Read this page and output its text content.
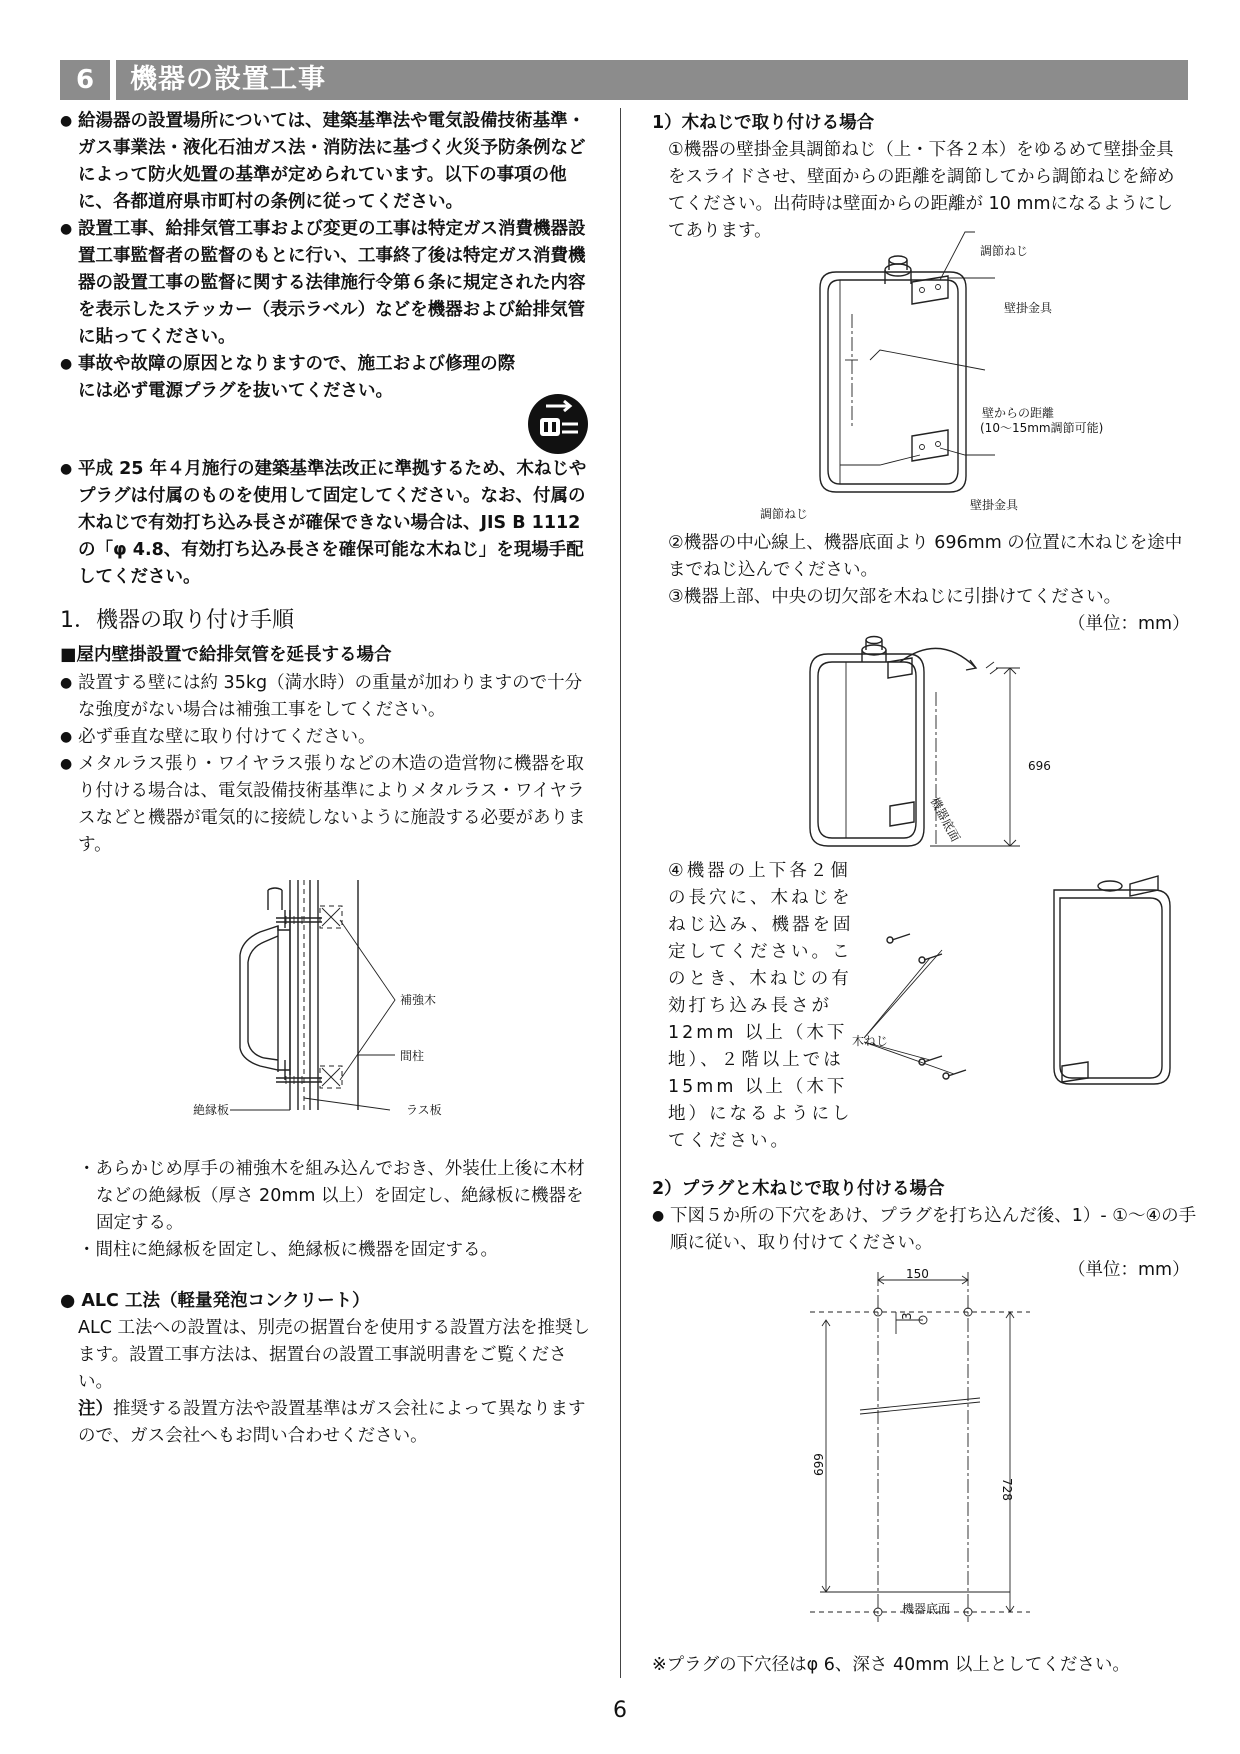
6	機器の設置工事

● 給湯器の設置場所については、建築基準法や電気設備技術基準・ガス事業法・液化石油ガス法・消防法に基づく火災予防条例などによって防火処置の基準が定められています。以下の事項の他に、各都道府県市町村の条例に従ってください。

● 設置工事、給排気管工事および変更の工事は特定ガス消費機器設置工事監督者の監督のもとに行い、工事終了後は特定ガス消費機器の設置工事の監督に関する法律施行令第６条に規定された内容を表示したステッカー（表示ラベル）などを機器および給排気管に貼ってください。

● 事故や故障の原因となりますので、施工および修理の際には必ず電源プラグを抜いてください。

● 平成 25 年４月施行の建築基準法改正に準拠するため、木ねじやプラグは付属のものを使用して固定してください。なお、付属の木ねじで有効打ち込み長さが確保できない場合は、JIS B 1112 の「φ 4.8、有効打ち込み長さを確保可能な木ねじ」を現場手配してください。

1．機器の取り付け手順
■屋内壁掛設置で給排気管を延長する場合

● 設置する壁には約 35kg（満水時）の重量が加わりますので十分な強度がない場合は補強工事をしてください。

● 必ず垂直な壁に取り付けてください。

● メタルラス張り・ワイヤラス張りなどの木造の造営物に機器を取り付ける場合は、電気設備技術基準によりメタルラス・ワイヤラスなどと機器が電気的に接続しないように施設する必要があります。

補強木
間柱
絶縁板	ラス板

・あらかじめ厚手の補強木を組み込んでおき、外装仕上後に木材などの絶縁板（厚さ 20mm 以上）を固定し、絶縁板に機器を固定する。

・間柱に絶縁板を固定し、絶縁板に機器を固定する。

● ALC 工法（軽量発泡コンクリート）
ALC 工法への設置は、別売の据置台を使用する設置方法を推奨します。設置工事方法は、据置台の設置工事説明書をご覧ください。
注）推奨する設置方法や設置基準はガス会社によって異なりますので、ガス会社へもお問い合わせください。
1）木ねじで取り付ける場合
①機器の壁掛金具調節ねじ（上・下各２本）をゆるめて壁掛金具をスライドさせ、壁面からの距離を調節してから調節ねじを締めてください。出荷時は壁面からの距離が 10 mmになるようにしてあります。
調節ねじ
壁掛金具
壁からの距離
(10～15mm調節可能)
壁掛金具
調節ねじ
②機器の中心線上、機器底面より 696mm の位置に木ねじを途中までねじ込んでください。
③機器上部、中央の切欠部を木ねじに引掛けてください。
（単位：mm）
696
機器底面
④機器の上下各２個の長穴に、木ねじをねじ込み、機器を固定してください。このとき、木ねじの有効打ち込み長さが 12mm 以上（木下地）、２階以上では 15mm 以上（木下地）になるようにしてください。
木ねじ
2）プラグと木ねじで取り付ける場合
● 下図５か所の下穴をあけ、プラグを打ち込んだ後、1）- ①～④の手順に従い、取り付けてください。
（単位：mm）
150
3
699
728
機器底面
※プラグの下穴径はφ 6、深さ 40mm 以上としてください。
6
